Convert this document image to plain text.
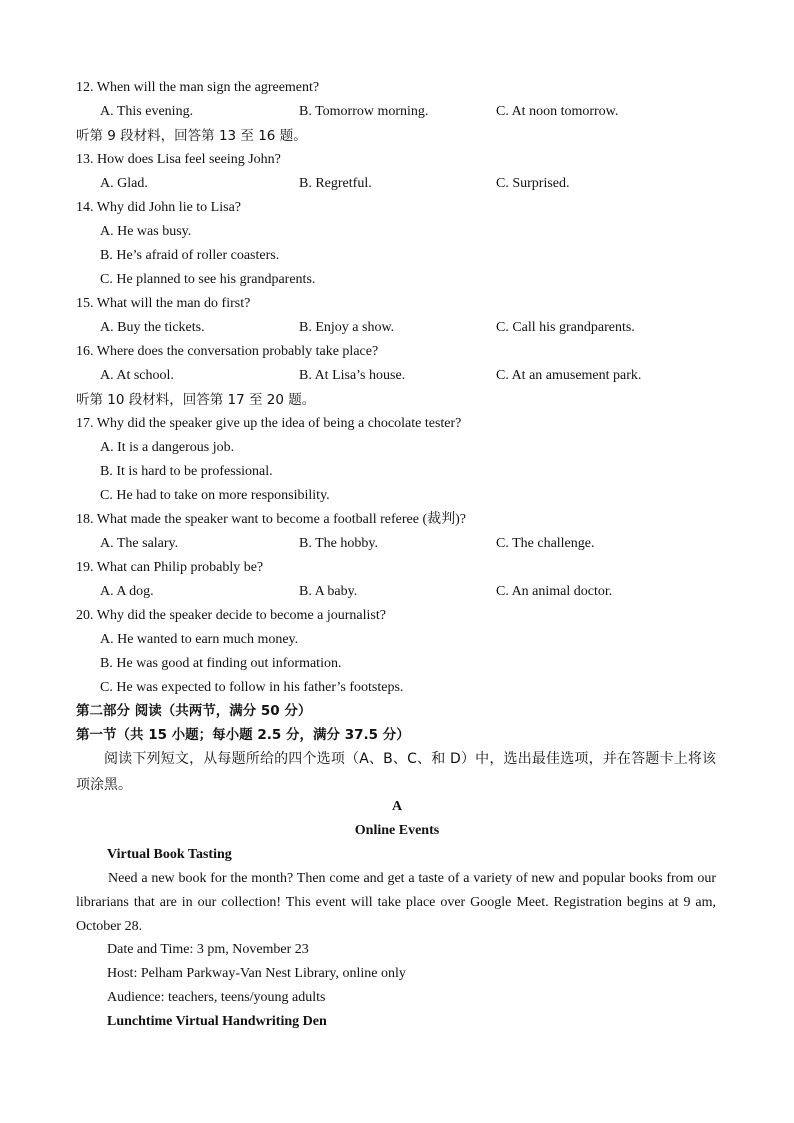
12. When will the man sign the agreement?
A. This evening.	B. Tomorrow morning.	C. At noon tomorrow.
听第 9 段材料，回答第 13 至 16 题。
13. How does Lisa feel seeing John?
A. Glad.	B. Regretful.	C. Surprised.
14. Why did John lie to Lisa?
A. He was busy.
B. He’s afraid of roller coasters.
C. He planned to see his grandparents.
15. What will the man do first?
A. Buy the tickets.	B. Enjoy a show.	C. Call his grandparents.
16. Where does the conversation probably take place?
A. At school.	B. At Lisa’s house.	C. At an amusement park.
听第 10 段材料，回答第 17 至 20 题。
17. Why did the speaker give up the idea of being a chocolate tester?
A. It is a dangerous job.
B. It is hard to be professional.
C. He had to take on more responsibility.
18. What made the speaker want to become a football referee (裁判)?
A. The salary.	B. The hobby.	C. The challenge.
19. What can Philip probably be?
A. A dog.	B. A baby.	C. An animal doctor.
20. Why did the speaker decide to become a journalist?
A. He wanted to earn much money.
B. He was good at finding out information.
C. He was expected to follow in his father’s footsteps.
第二部分 阅读（共两节，满分 50 分）
第一节（共 15 小题；每小题 2.5 分，满分 37.5 分）
阅读下列短文，从每题所给的四个选项（A、B、C、和 D）中，选出最佳选项，并在答题卡上将该项涂黑。
A
Online Events
Virtual Book Tasting
Need a new book for the month? Then come and get a taste of a variety of new and popular books from our librarians that are in our collection! This event will take place over Google Meet. Registration begins at 9 am, October 28.
Date and Time: 3 pm, November 23
Host: Pelham Parkway-Van Nest Library, online only
Audience: teachers, teens/young adults
Lunchtime Virtual Handwriting Den
